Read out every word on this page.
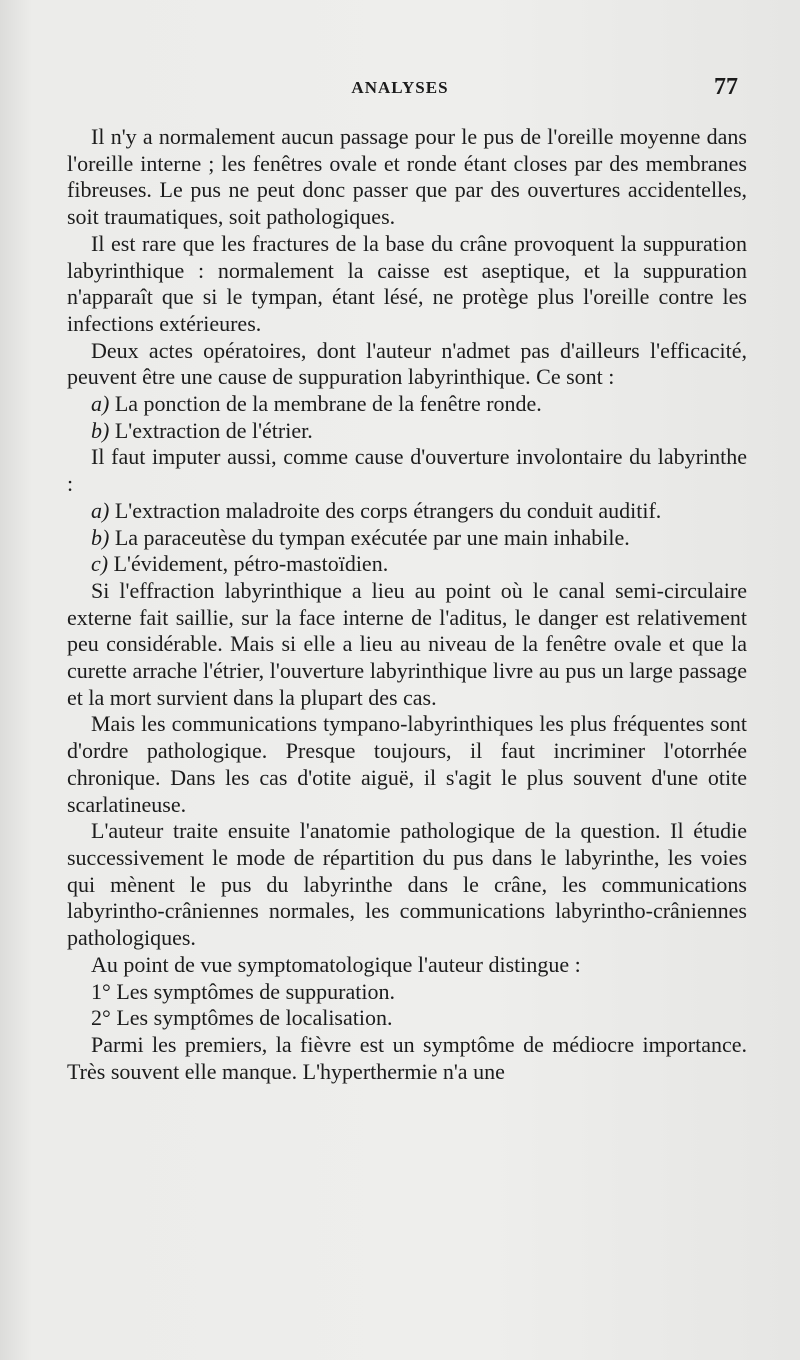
ANALYSES	77

Il n'y a normalement aucun passage pour le pus de l'oreille moyenne dans l'oreille interne ; les fenêtres ovale et ronde étant closes par des membranes fibreuses. Le pus ne peut donc passer que par des ouvertures accidentelles, soit traumatiques, soit pathologiques.

Il est rare que les fractures de la base du crâne provoquent la suppuration labyrinthique : normalement la caisse est aseptique, et la suppuration n'apparaît que si le tympan, étant lésé, ne protège plus l'oreille contre les infections extérieures.

Deux actes opératoires, dont l'auteur n'admet pas d'ailleurs l'efficacité, peuvent être une cause de suppuration labyrinthique. Ce sont :

a) La ponction de la membrane de la fenêtre ronde.

b) L'extraction de l'étrier.

Il faut imputer aussi, comme cause d'ouverture involontaire du labyrinthe :

a) L'extraction maladroite des corps étrangers du conduit auditif.

b) La paraceutèse du tympan exécutée par une main inhabile.

c) L'évidement, pétro-mastoïdien.

Si l'effraction labyrinthique a lieu au point où le canal semi-circulaire externe fait saillie, sur la face interne de l'aditus, le danger est relativement peu considérable. Mais si elle a lieu au niveau de la fenêtre ovale et que la curette arrache l'étrier, l'ouverture labyrinthique livre au pus un large passage et la mort survient dans la plupart des cas.

Mais les communications tympano-labyrinthiques les plus fréquentes sont d'ordre pathologique. Presque toujours, il faut incriminer l'otorrhée chronique. Dans les cas d'otite aiguë, il s'agit le plus souvent d'une otite scarlatineuse.

L'auteur traite ensuite l'anatomie pathologique de la question. Il étudie successivement le mode de répartition du pus dans le labyrinthe, les voies qui mènent le pus du labyrinthe dans le crâne, les communications labyrintho-crâniennes normales, les communications labyrintho-crâniennes pathologiques.

Au point de vue symptomatologique l'auteur distingue :

1° Les symptômes de suppuration.

2° Les symptômes de localisation.

Parmi les premiers, la fièvre est un symptôme de médiocre importance. Très souvent elle manque. L'hyperthermie n'a une
